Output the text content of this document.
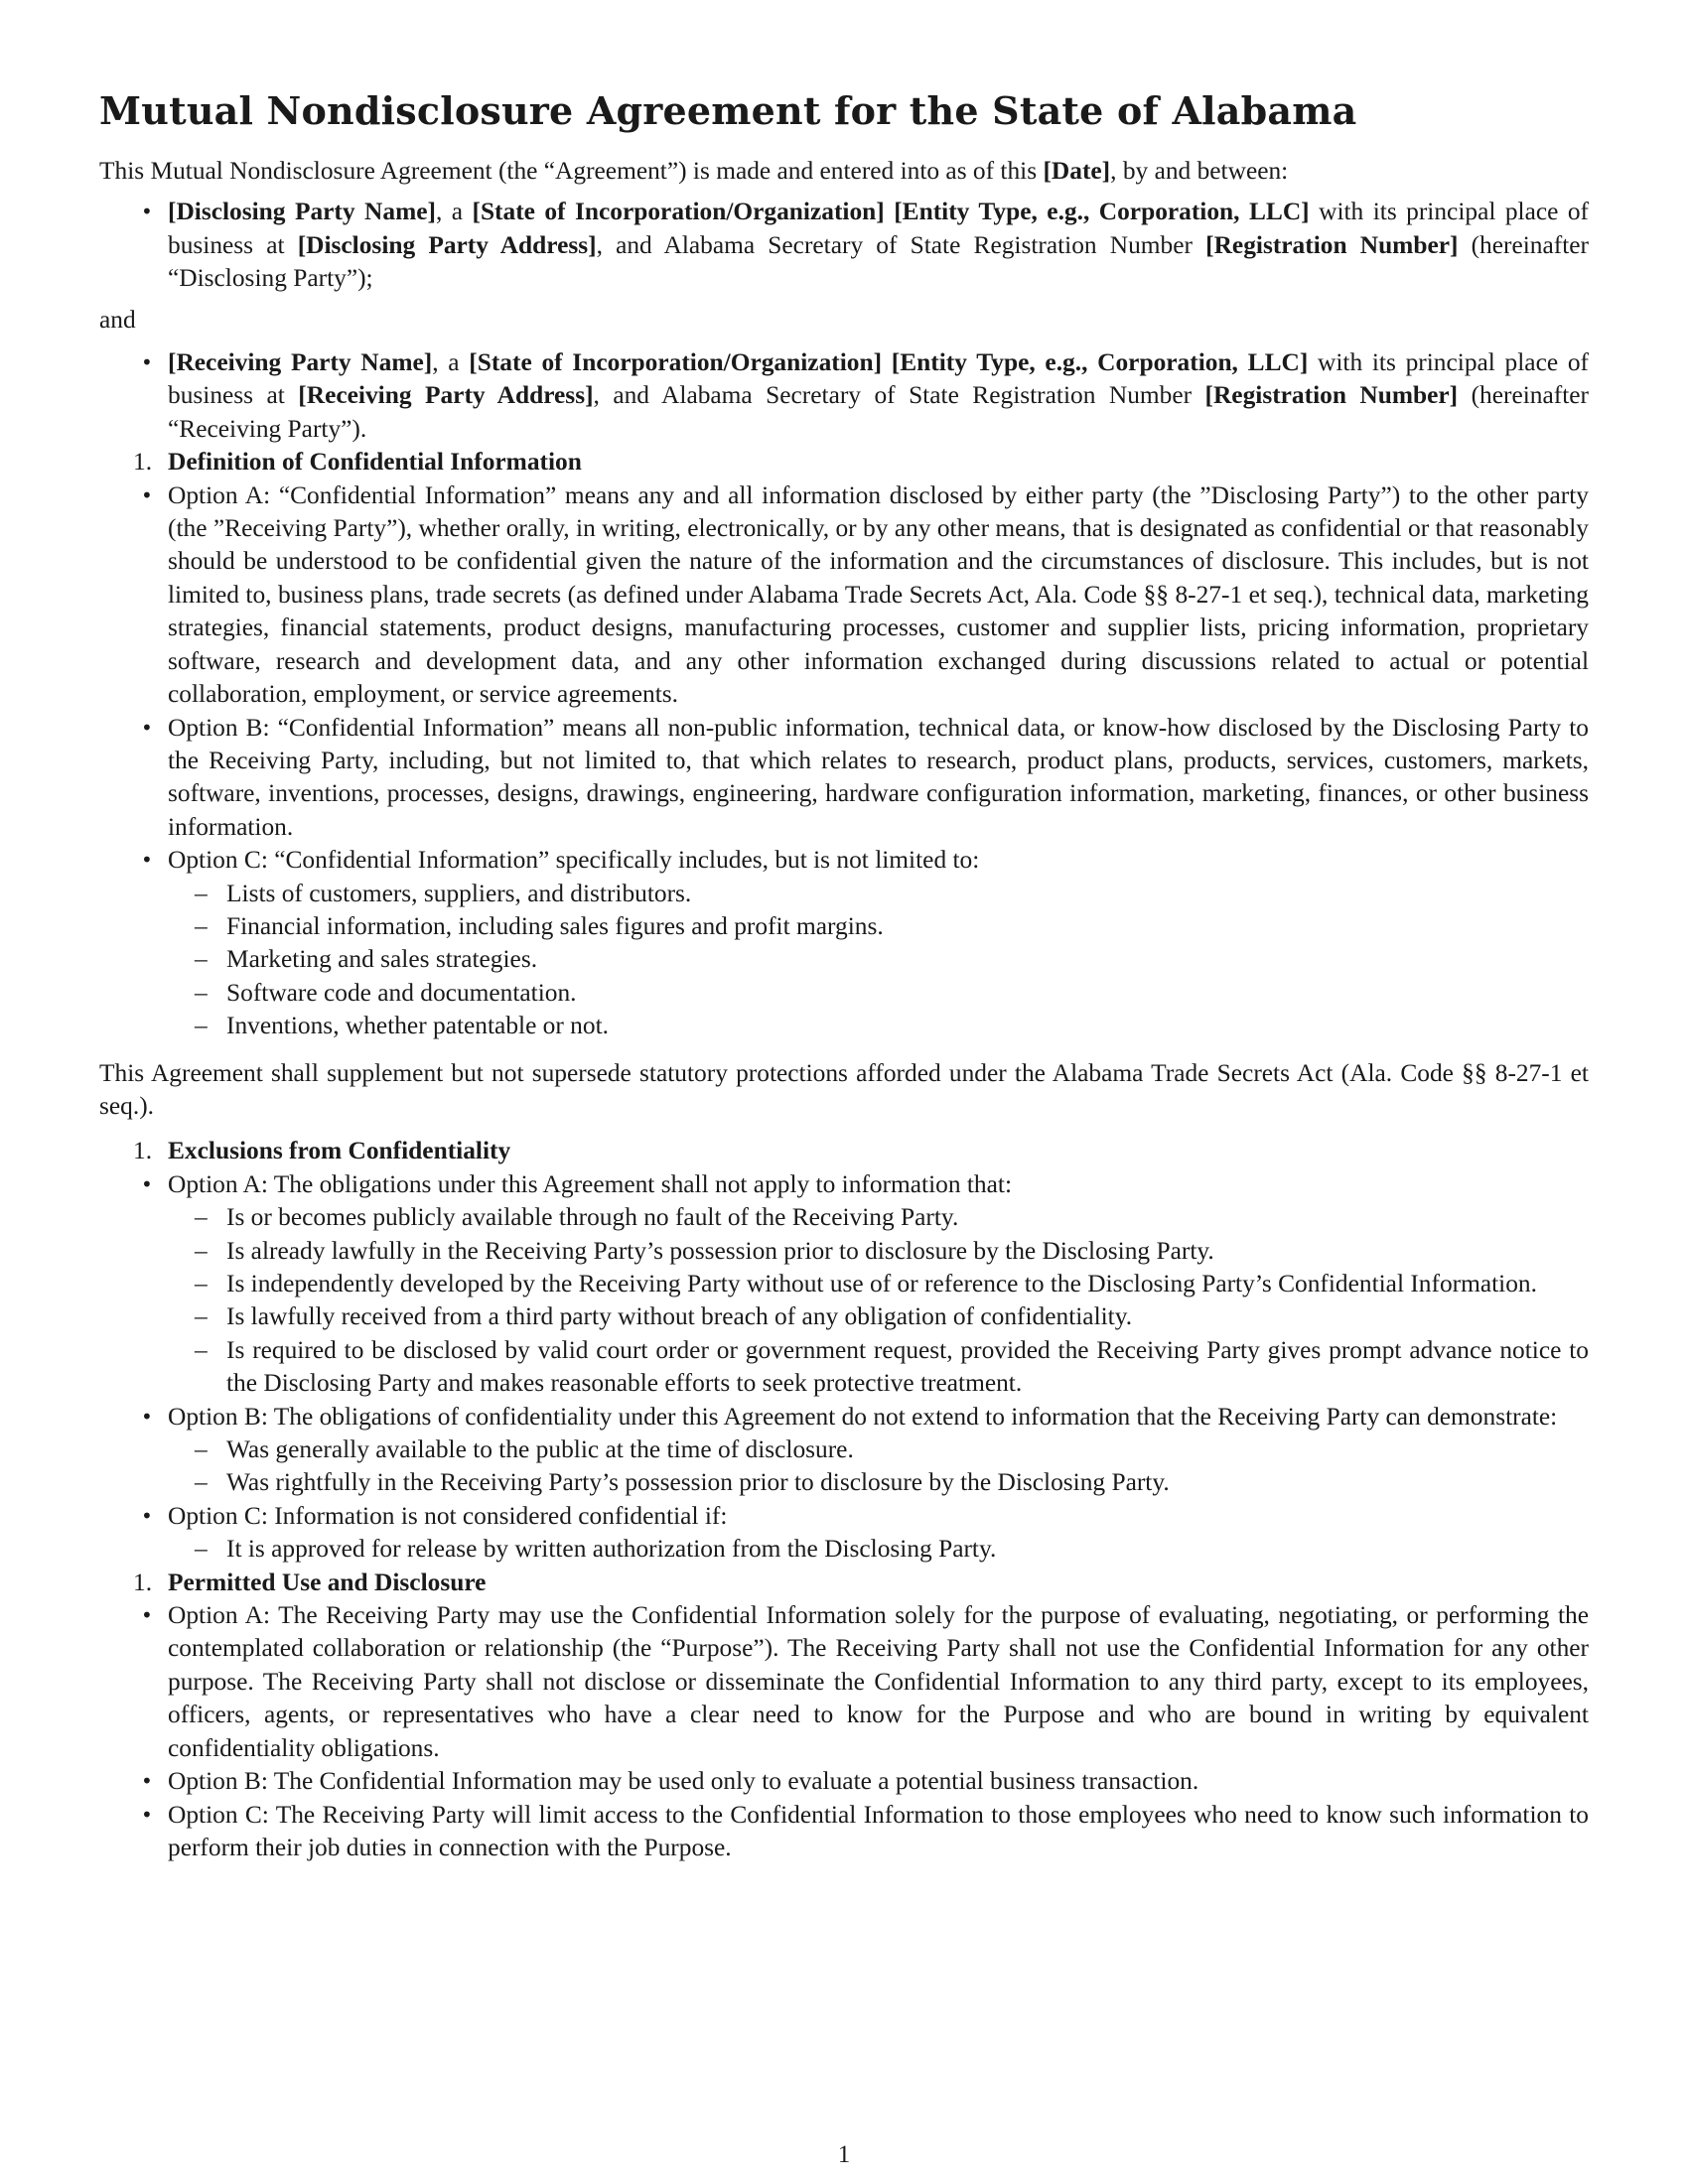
Mutual Nondisclosure Agreement for the State of Alabama

This Mutual Nondisclosure Agreement (the “Agreement”) is made and entered into as of this [Date], by and between:

• [Disclosing Party Name], a [State of Incorporation/Organization] [Entity Type, e.g., Corporation, LLC] with its principal place of business at [Disclosing Party Address], and Alabama Secretary of State Registration Number [Registration Number] (hereinafter “Disclosing Party”);

and

• [Receiving Party Name], a [State of Incorporation/Organization] [Entity Type, e.g., Corporation, LLC] with its principal place of business at [Receiving Party Address], and Alabama Secretary of State Registration Number [Registration Number] (hereinafter “Receiving Party”).
1. Definition of Confidential Information
• Option A: “Confidential Information” means any and all information disclosed by either party (the ”Disclosing Party”) to the other party (the ”Receiving Party”), whether orally, in writing, electronically, or by any other means, that is designated as confidential or that reasonably should be understood to be confidential given the nature of the information and the circumstances of disclosure. This includes, but is not limited to, business plans, trade secrets (as defined under Alabama Trade Secrets Act, Ala. Code §§ 8-27-1 et seq.), technical data, marketing strategies, financial statements, product designs, manufacturing processes, customer and supplier lists, pricing information, proprietary software, research and development data, and any other information exchanged during discussions related to actual or potential collaboration, employment, or service agreements.
• Option B: “Confidential Information” means all non-public information, technical data, or know-how disclosed by the Disclosing Party to the Receiving Party, including, but not limited to, that which relates to research, product plans, products, services, customers, markets, software, inventions, processes, designs, drawings, engineering, hardware configuration information, marketing, finances, or other business information.
• Option C: “Confidential Information” specifically includes, but is not limited to:
– Lists of customers, suppliers, and distributors.
– Financial information, including sales figures and profit margins.
– Marketing and sales strategies.
– Software code and documentation.
– Inventions, whether patentable or not.

This Agreement shall supplement but not supersede statutory protections afforded under the Alabama Trade Secrets Act (Ala. Code §§ 8-27-1 et seq.).

1. Exclusions from Confidentiality
• Option A: The obligations under this Agreement shall not apply to information that:
– Is or becomes publicly available through no fault of the Receiving Party.
– Is already lawfully in the Receiving Party’s possession prior to disclosure by the Disclosing Party.
– Is independently developed by the Receiving Party without use of or reference to the Disclosing Party’s Confidential Information.
– Is lawfully received from a third party without breach of any obligation of confidentiality.
– Is required to be disclosed by valid court order or government request, provided the Receiving Party gives prompt advance notice to the Disclosing Party and makes reasonable efforts to seek protective treatment.
• Option B: The obligations of confidentiality under this Agreement do not extend to information that the Receiving Party can demonstrate:
– Was generally available to the public at the time of disclosure.
– Was rightfully in the Receiving Party’s possession prior to disclosure by the Disclosing Party.
• Option C: Information is not considered confidential if:
– It is approved for release by written authorization from the Disclosing Party.
1. Permitted Use and Disclosure
• Option A: The Receiving Party may use the Confidential Information solely for the purpose of evaluating, negotiating, or performing the contemplated collaboration or relationship (the “Purpose”). The Receiving Party shall not use the Confidential Information for any other purpose. The Receiving Party shall not disclose or disseminate the Confidential Information to any third party, except to its employees, officers, agents, or representatives who have a clear need to know for the Purpose and who are bound in writing by equivalent confidentiality obligations.
• Option B: The Confidential Information may be used only to evaluate a potential business transaction.
• Option C: The Receiving Party will limit access to the Confidential Information to those employees who need to know such information to perform their job duties in connection with the Purpose.
1
